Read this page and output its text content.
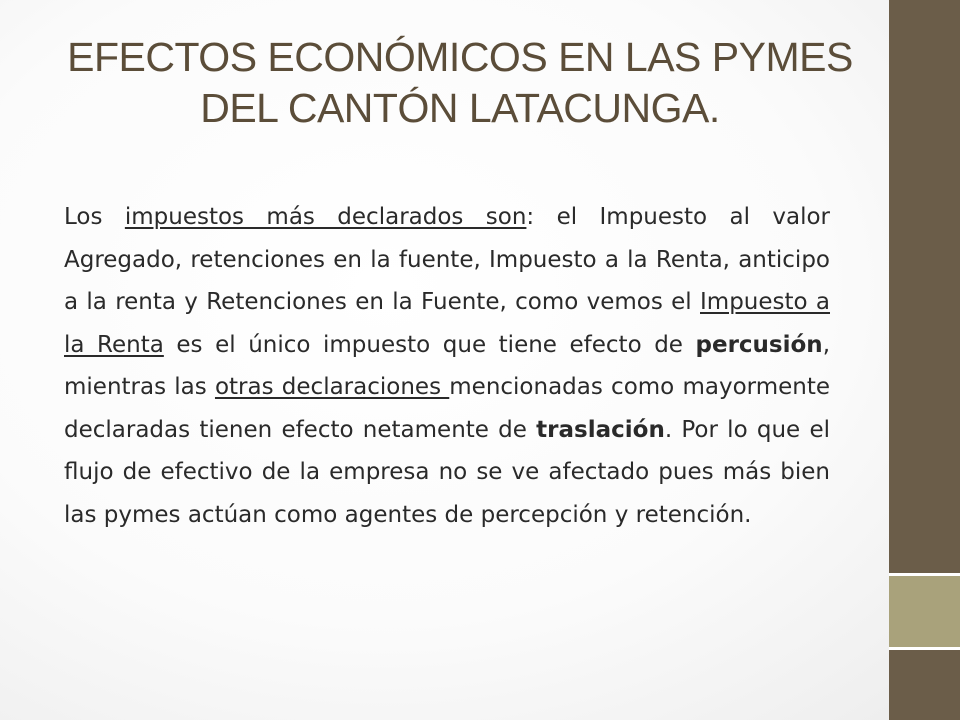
EFECTOS ECONÓMICOS EN LAS PYMES DEL CANTÓN LATACUNGA.

Los impuestos más declarados son: el Impuesto al valor Agregado, retenciones en la fuente, Impuesto a la Renta, anticipo a la renta y Retenciones en la Fuente, como vemos el Impuesto a la Renta es el único impuesto que tiene efecto de percusión, mientras las otras declaraciones mencionadas como mayormente declaradas tienen efecto netamente de traslación. Por lo que el flujo de efectivo de la empresa no se ve afectado pues más bien las pymes actúan como agentes de percepción y retención.
